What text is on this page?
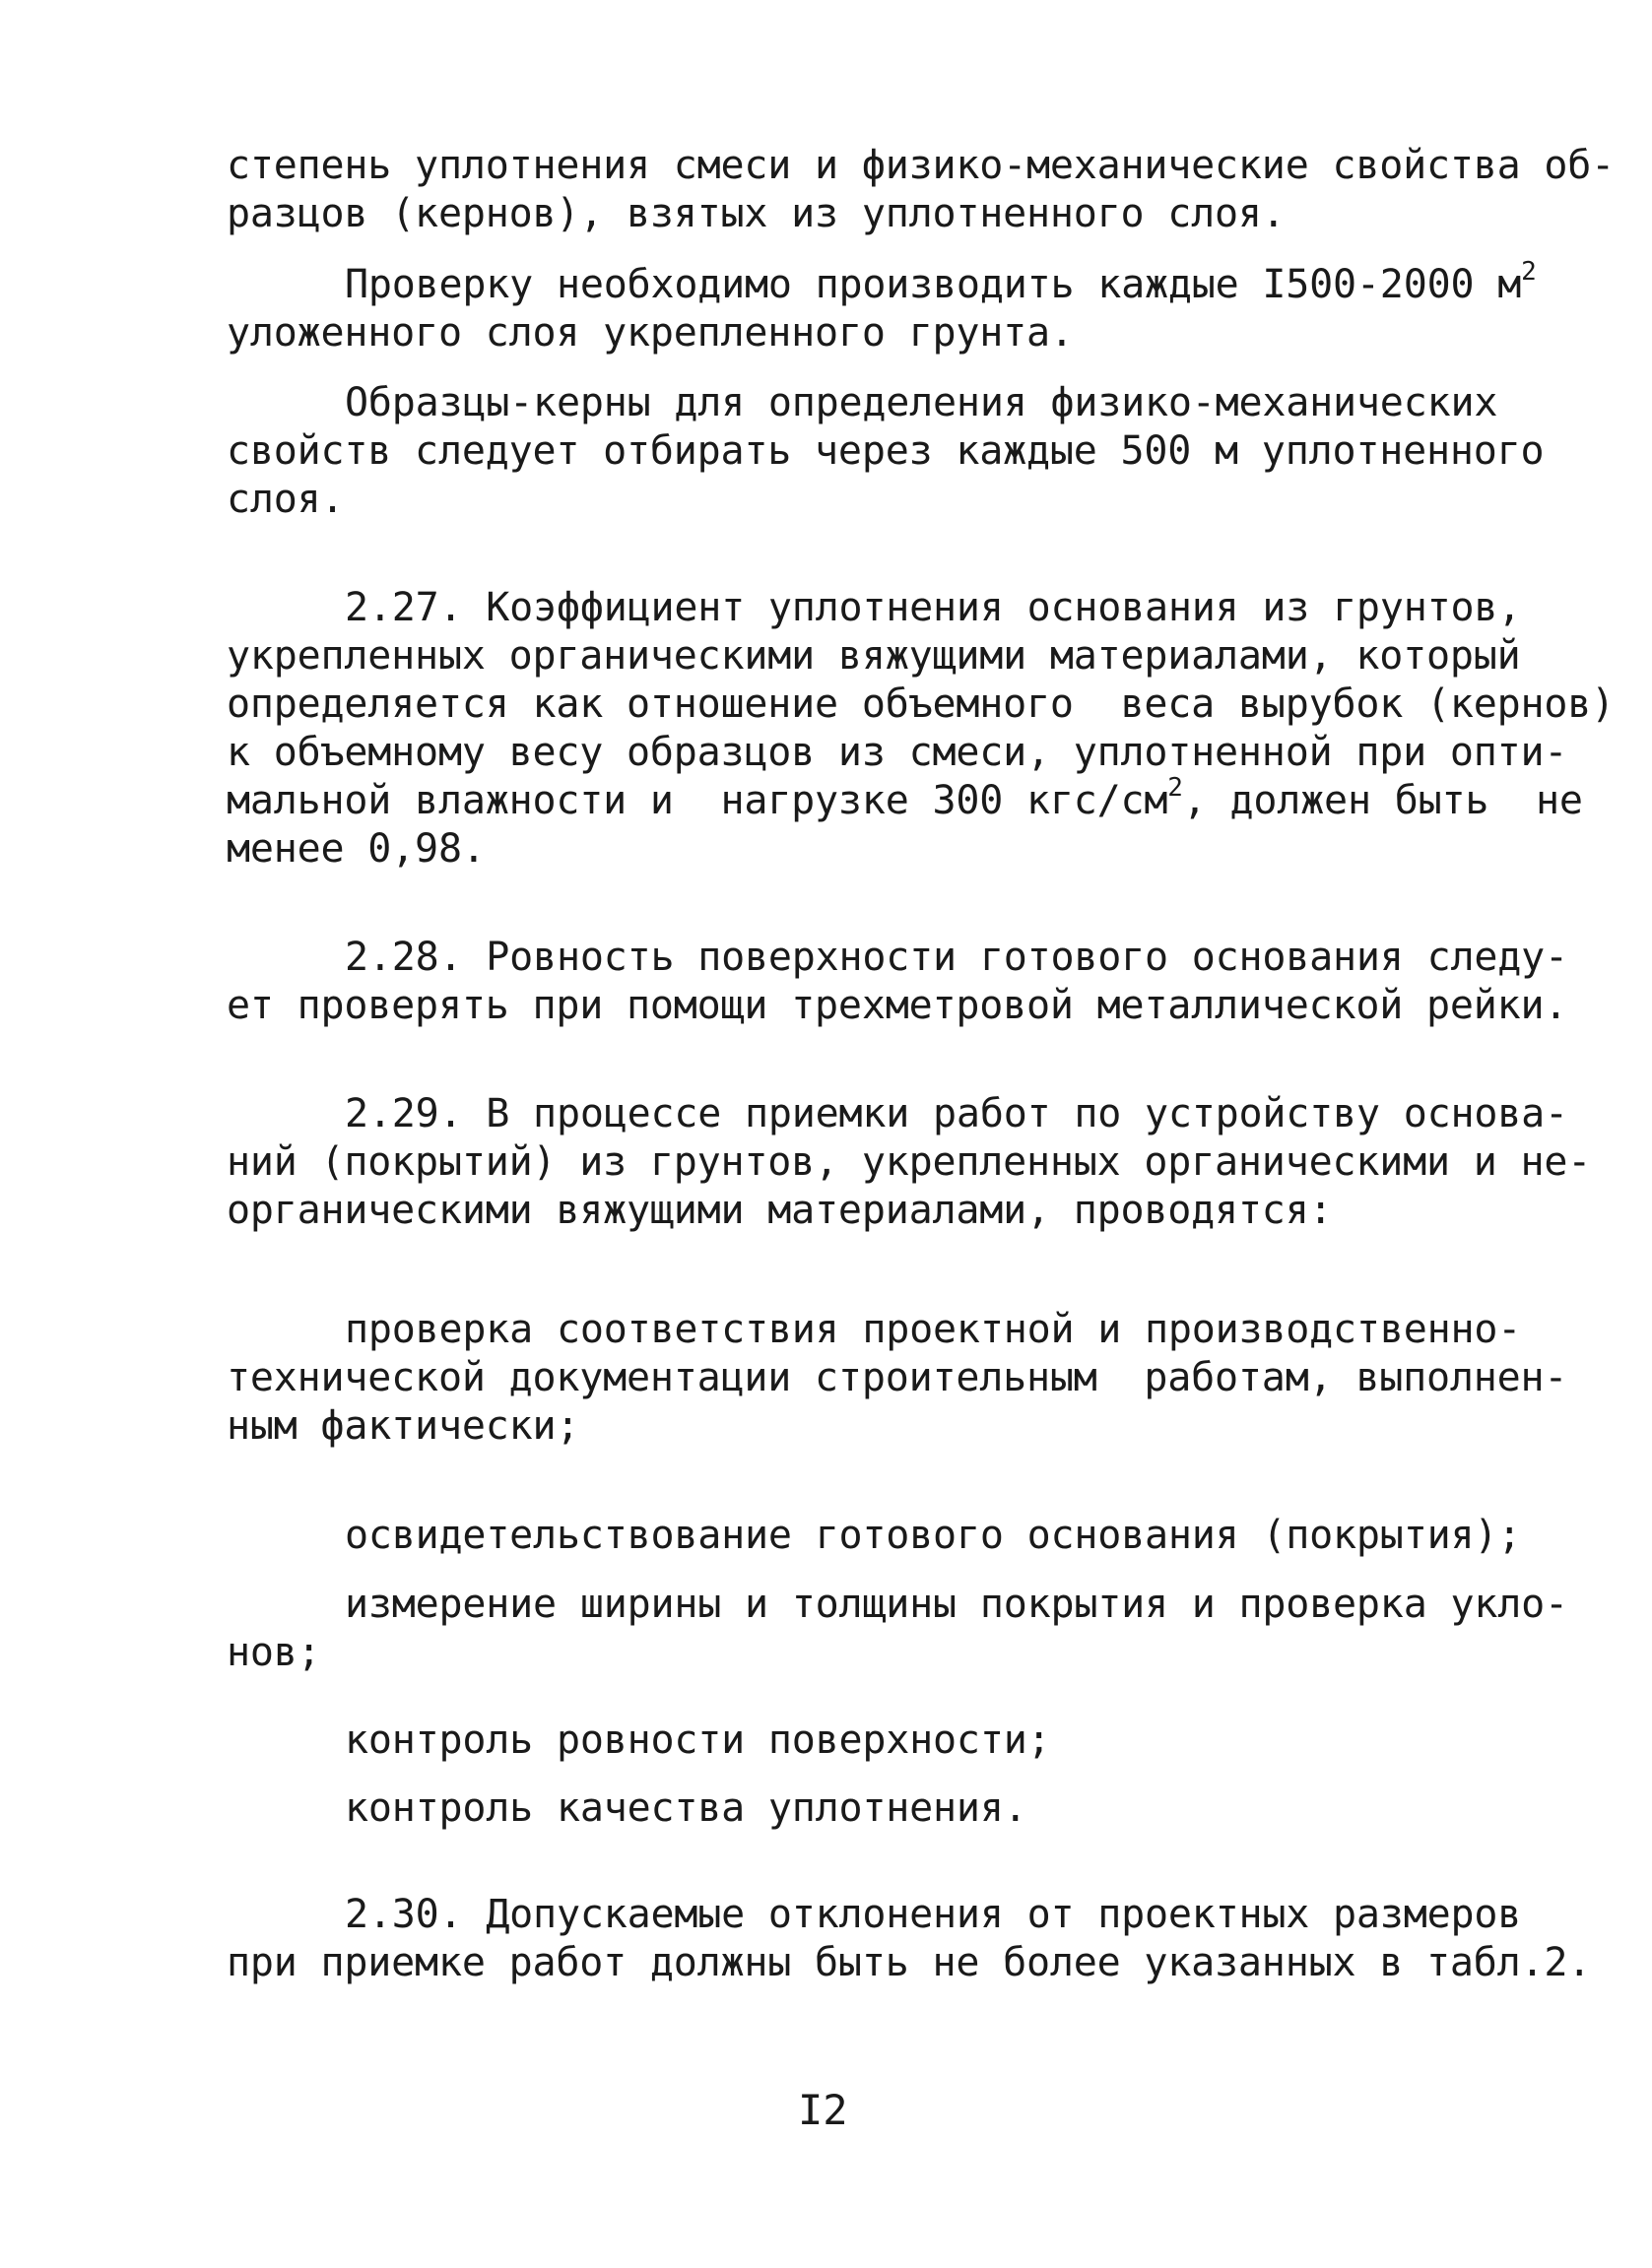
степень уплотнения смеси и физико-механические свойства об-
разцов (кернов), взятых из уплотненного слоя.
Проверку необходимо производить каждые I500-2000 $м^2$
уложенного слоя укрепленного грунта.
Образцы-керны для определения физико-механических
свойств следует отбирать через каждые 500 м уплотненного
слоя.
2.27. Коэффициент уплотнения основания из грунтов,
укрепленных органическими вяжущими материалами, который
определяется как отношение объемного  веса вырубок (кернов)
к объемному весу образцов из смеси, уплотненной при опти-
мальной влажности и  нагрузке 300 кгс/$см^2$, должен быть  не
менее 0,98.
2.28. Ровность поверхности готового основания следу-
ет проверять при помощи трехметровой металлической рейки.
2.29. В процессе приемки работ по устройству основа-
ний (покрытий) из грунтов, укрепленных органическими и не-
органическими вяжущими материалами, проводятся:
проверка соответствия проектной и производственно-
технической документации строительным  работам, выполнен-
ным фактически;
освидетельствование готового основания (покрытия);
измерение ширины и толщины покрытия и проверка укло-
нов;
контроль ровности поверхности;
контроль качества уплотнения.
2.30. Допускаемые отклонения от проектных размеров
при приемке работ должны быть не более указанных в табл.2.
I2
